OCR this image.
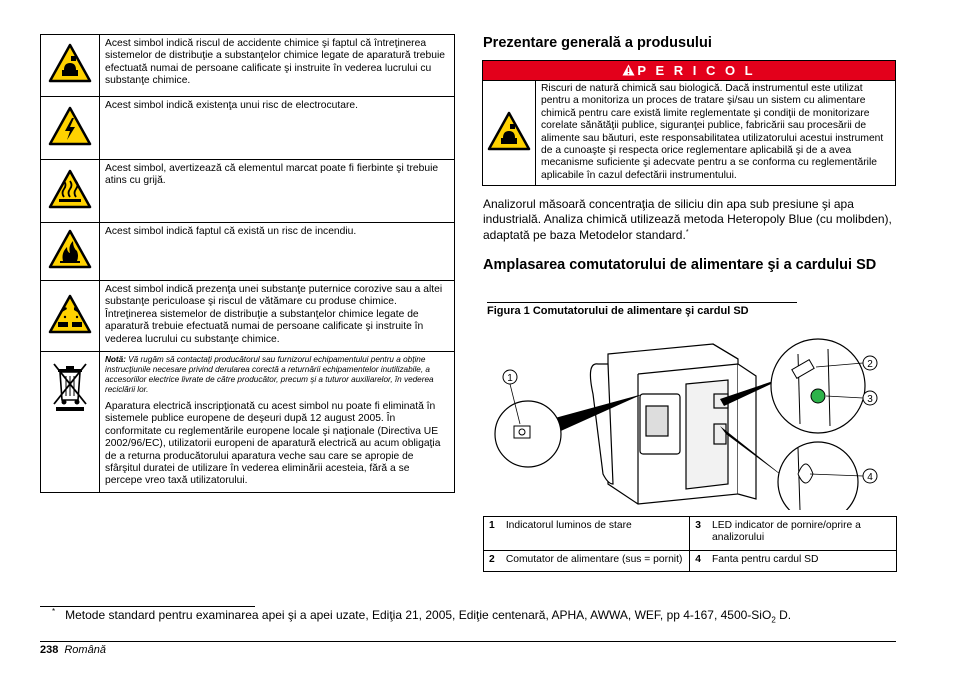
	Acest simbol indică riscul de accidente chimice şi faptul că întreţinerea sistemelor de distribuţie a substanţelor chimice legate de aparatură trebuie efectuată numai de persoane calificate şi instruite în vederea lucrului cu substanţe chimice.
	Acest simbol indică existenţa unui risc de electrocutare.
	Acest simbol, avertizează că elementul marcat poate fi fierbinte şi trebuie atins cu grijă.
	Acest simbol indică faptul că există un risc de incendiu.
	Acest simbol indică prezenţa unei substanţe puternice corozive sau a altei substanţe periculoase şi riscul de vătămare cu produse chimice. Întreţinerea sistemelor de distribuţie a substanţelor chimice legate de aparatură trebuie efectuată numai de persoane calificate şi instruite în vederea lucrului cu substanţe chimice.

Notă: Vă rugăm să contactaţi producătorul sau furnizorul echipamentului pentru a obţine instrucţiunile necesare privind derularea corectă a returnării echipamentelor inutilizabile, a accesoriilor electrice livrate de către producător, precum şi a tuturor auxiliarelor, în vederea reciclării lor.
Aparatura electrică inscripţionată cu acest simbol nu poate fi eliminată în sistemele publice europene de deşeuri după 12 august 2005. În conformitate cu reglementările europene locale şi naţionale (Directiva UE 2002/96/EC), utilizatorii europeni de aparatură electrică au acum obligaţia de a returna producătorului aparatura veche sau care se apropie de sfârşitul duratei de utilizare în vederea eliminării acesteia, fără a se percepe vreo taxă utilizatorului.
Prezentare generală a produsului
P E R I C O L
	Riscuri de natură chimică sau biologică. Dacă instrumentul este utilizat pentru a monitoriza un proces de tratare şi/sau un sistem cu alimentare chimică pentru care există limite reglementate şi condiţii de monitorizare corelate sănătăţii publice, siguranţei publice, fabricării sau procesării de alimente sau băuturi, este responsabilitatea utilizatorului acestui instrument de a cunoaşte şi respecta orice reglementare aplicabilă şi de a avea mecanisme suficiente şi adecvate pentru a se conforma cu reglementările aplicabile în cazul defectării instrumentului.
Analizorul măsoară concentraţia de siliciu din apa sub presiune şi apa industrială. Analiza chimică utilizează metoda Heteropoly Blue (cu molibden), adaptată pe baza Metodelor standard.*
Amplasarea comutatorului de alimentare şi a cardului SD
Figura 1 Comutatorului de alimentare şi cardul SD
1
2
3
4
1	Indicatorul luminos de stare	3	LED indicator de pornire/oprire a analizorului
2	Comutator de alimentare (sus = pornit)	4	Fanta pentru cardul SD
* Metode standard pentru examinarea apei şi a apei uzate, Ediţia 21, 2005, Ediţie centenară, APHA, AWWA, WEF, pp 4-167, 4500-SiO$_2$ D.
238 Română
